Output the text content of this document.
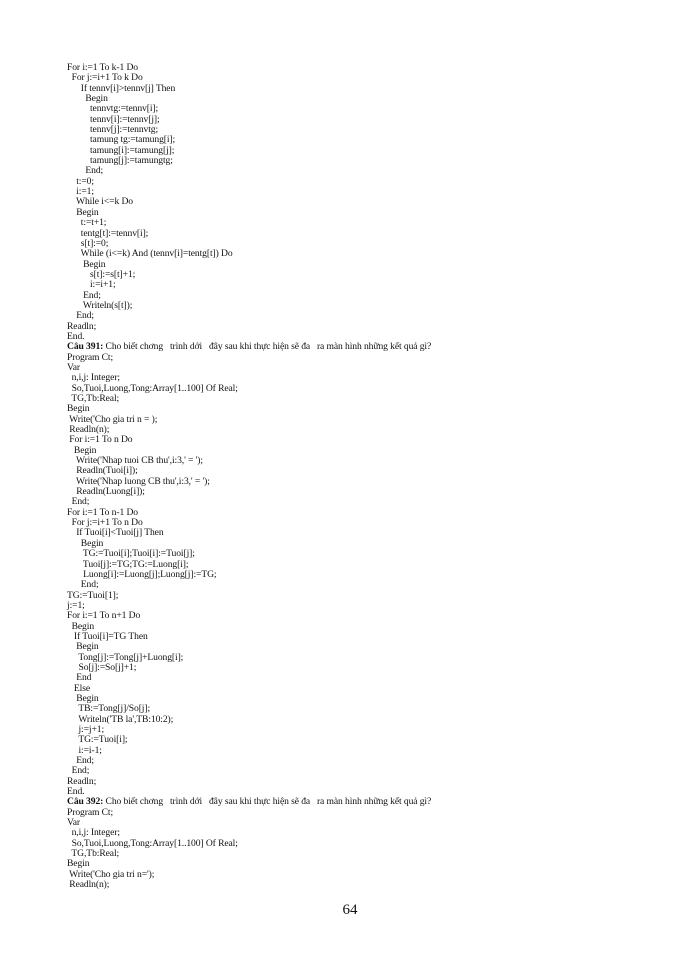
For i:=1 To k-1 Do
For j:=i+1 To k Do
If tennv[i]>tennv[j] Then
Begin
tennvtg:=tennv[i];
tennv[i]:=tennv[j];
tennv[j]:=tennvtg;
tamung tg:=tamung[i];
tamung[i]:=tamung[j];
tamung[j]:=tamungtg;
End;
t:=0;
i:=1;
While i<=k Do
Begin
t:=t+1;
tentg[t]:=tennv[i];
s[t]:=0;
While (i<=k) And (tennv[i]=tentg[t]) Do
Begin
s[t]:=s[t]+1;
i:=i+1;
End;
Writeln(s[t]);
End;
Readln;
End.
Câu 391: Cho biết chơng   trình dới   đây sau khi thực hiện sẽ đa   ra màn hình những kết quả gì?
Program Ct;
Var
n,i,j: Integer;
So,Tuoi,Luong,Tong:Array[1..100] Of Real;
TG,Tb:Real;
Begin
Write('Cho gia tri n = );
Readln(n);
For i:=1 To n Do
Begin
Write('Nhap tuoi CB thu',i:3,' = ');
Readln(Tuoi[i]);
Write('Nhap luong CB thu',i:3,' = ');
Readln(Luong[i]);
End;
For i:=1 To n-1 Do
For j:=i+1 To n Do
If Tuoi[i]<Tuoi[j] Then
Begin
TG:=Tuoi[i];Tuoi[i]:=Tuoi[j];
Tuoi[j]:=TG;TG:=Luong[i];
Luong[i]:=Luong[j];Luong[j]:=TG;
End;
TG:=Tuoi[1];
j:=1;
For i:=1 To n+1 Do
Begin
If Tuoi[i]=TG Then
Begin
Tong[j]:=Tong[j]+Luong[i];
So[j]:=So[j]+1;
End
Else
Begin
TB:=Tong[j]/So[j];
Writeln('TB la',TB:10:2);
j:=j+1;
TG:=Tuoi[i];
i:=i-1;
End;
End;
Readln;
End.
Câu 392: Cho biết chơng   trình dới   đây sau khi thực hiện sẽ đa   ra màn hình những kết quả gì?
Program Ct;
Var
n,i,j: Integer;
So,Tuoi,Luong,Tong:Array[1..100] Of Real;
TG,Tb:Real;
Begin
Write('Cho gia tri n=');
Readln(n);
64
